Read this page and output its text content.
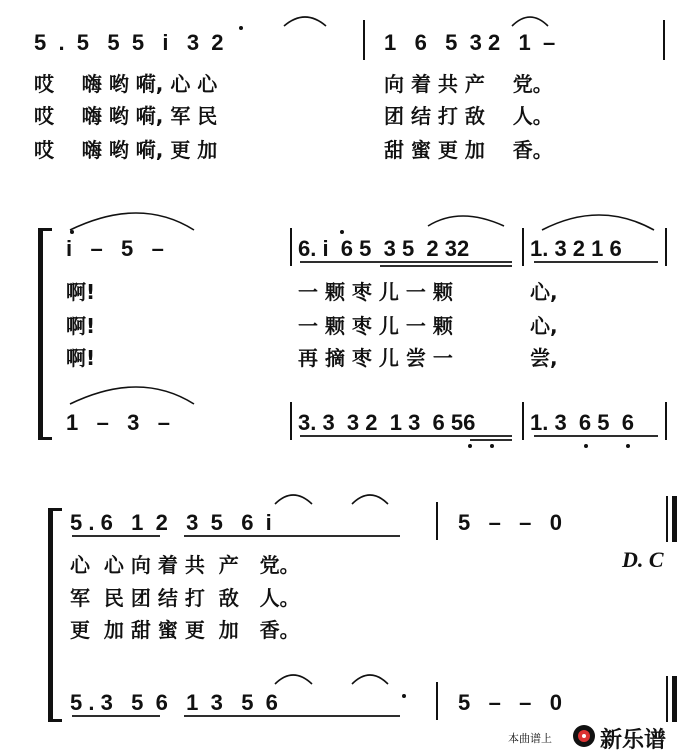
5  .  5   5  5   i   3  2	1   6   5  3 2   1  –
哎    嗨 哟 嗬, 心 心	向 着 共 产    党。
哎    嗨 哟 嗬, 军 民	团 结 打 敌    人。
哎    嗨 哟 嗬, 更 加	甜 蜜 更 加    香。
i   –   5   –	6. i  6 5  3 5  2 32	1. 3 2 1 6
啊!	一 颗 枣 儿 一 颗	心,
啊!	一 颗 枣 儿 一 颗	心,
啊!	再 摘 枣 儿 尝 一	尝,
1   –   3   –	3. 3  3 2  1 3  6 56 1. 3  6 5  6
5 . 6   1  2   3  5   6  i	5   –   –   0
心  心 向 着 共  产   党。	D. C
军  民 团 结 打  敌   人。
更  加 甜 蜜 更  加   香。
5 . 3   5  6   1  3   5  6	5   –   –   0
本曲谱上 新乐谱
